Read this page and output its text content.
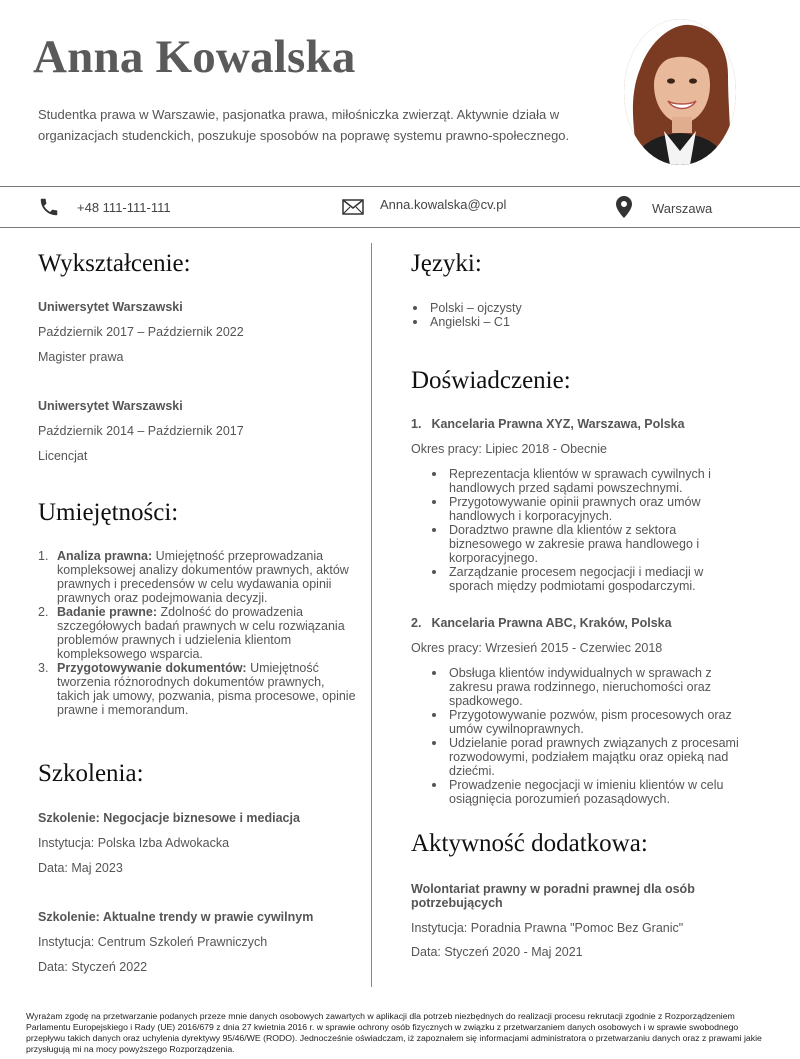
Anna Kowalska
Studentka prawa w Warszawie, pasjonatka prawa, miłośniczka zwierząt. Aktywnie działa w organizacjach studenckich, poszukuje sposobów na poprawę systemu prawno-społecznego.
+48 111-111-111	Anna.kowalska@cv.pl	Warszawa
Wykształcenie:
Uniwersytet Warszawski
Październik 2017 – Październik 2022
Magister prawa
Uniwersytet Warszawski
Październik 2014 – Październik 2017
Licencjat
Umiejętności:
1. Analiza prawna: Umiejętność przeprowadzania kompleksowej analizy dokumentów prawnych, aktów prawnych i precedensów w celu wydawania opinii prawnych oraz podejmowania decyzji.
2. Badanie prawne: Zdolność do prowadzenia szczegółowych badań prawnych w celu rozwiązania problemów prawnych i udzielenia klientom kompleksowego wsparcia.
3. Przygotowywanie dokumentów: Umiejętność tworzenia różnorodnych dokumentów prawnych, takich jak umowy, pozwania, pisma procesowe, opinie prawne i memorandum.
Szkolenia:
Szkolenie: Negocjacje biznesowe i mediacja
Instytucja: Polska Izba Adwokacka
Data: Maj 2023
Szkolenie: Aktualne trendy w prawie cywilnym
Instytucja: Centrum Szkoleń Prawniczych
Data: Styczeń 2022
Języki:
Polski – ojczysty
Angielski – C1
Doświadczenie:
1. Kancelaria Prawna XYZ, Warszawa, Polska
Okres pracy: Lipiec 2018 - Obecnie
Reprezentacja klientów w sprawach cywilnych i handlowych przed sądami powszechnymi.
Przygotowywanie opinii prawnych oraz umów handlowych i korporacyjnych.
Doradztwo prawne dla klientów z sektora biznesowego w zakresie prawa handlowego i korporacyjnego.
Zarządzanie procesem negocjacji i mediacji w sporach między podmiotami gospodarczymi.
2. Kancelaria Prawna ABC, Kraków, Polska
Okres pracy: Wrzesień 2015 - Czerwiec 2018
Obsługa klientów indywidualnych w sprawach z zakresu prawa rodzinnego, nieruchomości oraz spadkowego.
Przygotowywanie pozwów, pism procesowych oraz umów cywilnoprawnych.
Udzielanie porad prawnych związanych z procesami rozwodowymi, podziałem majątku oraz opieką nad dziećmi.
Prowadzenie negocjacji w imieniu klientów w celu osiągnięcia porozumień pozasądowych.
Aktywność dodatkowa:
Wolontariat prawny w poradni prawnej dla osób potrzebujących
Instytucja: Poradnia Prawna "Pomoc Bez Granic"
Data: Styczeń 2020 - Maj 2021
Wyrażam zgodę na przetwarzanie podanych przeze mnie danych osobowych zawartych w aplikacji dla potrzeb niezbędnych do realizacji procesu rekrutacji zgodnie z Rozporządzeniem Parlamentu Europejskiego i Rady (UE) 2016/679 z dnia 27 kwietnia 2016 r. w sprawie ochrony osób fizycznych w związku z przetwarzaniem danych osobowych i w sprawie swobodnego przepływu takich danych oraz uchylenia dyrektywy 95/46/WE (RODO). Jednocześnie oświadczam, iż zapoznałem się informacjami administratora o przetwarzaniu danych oraz z prawami jakie przysługują mi na mocy powyższego Rozporządzenia.
